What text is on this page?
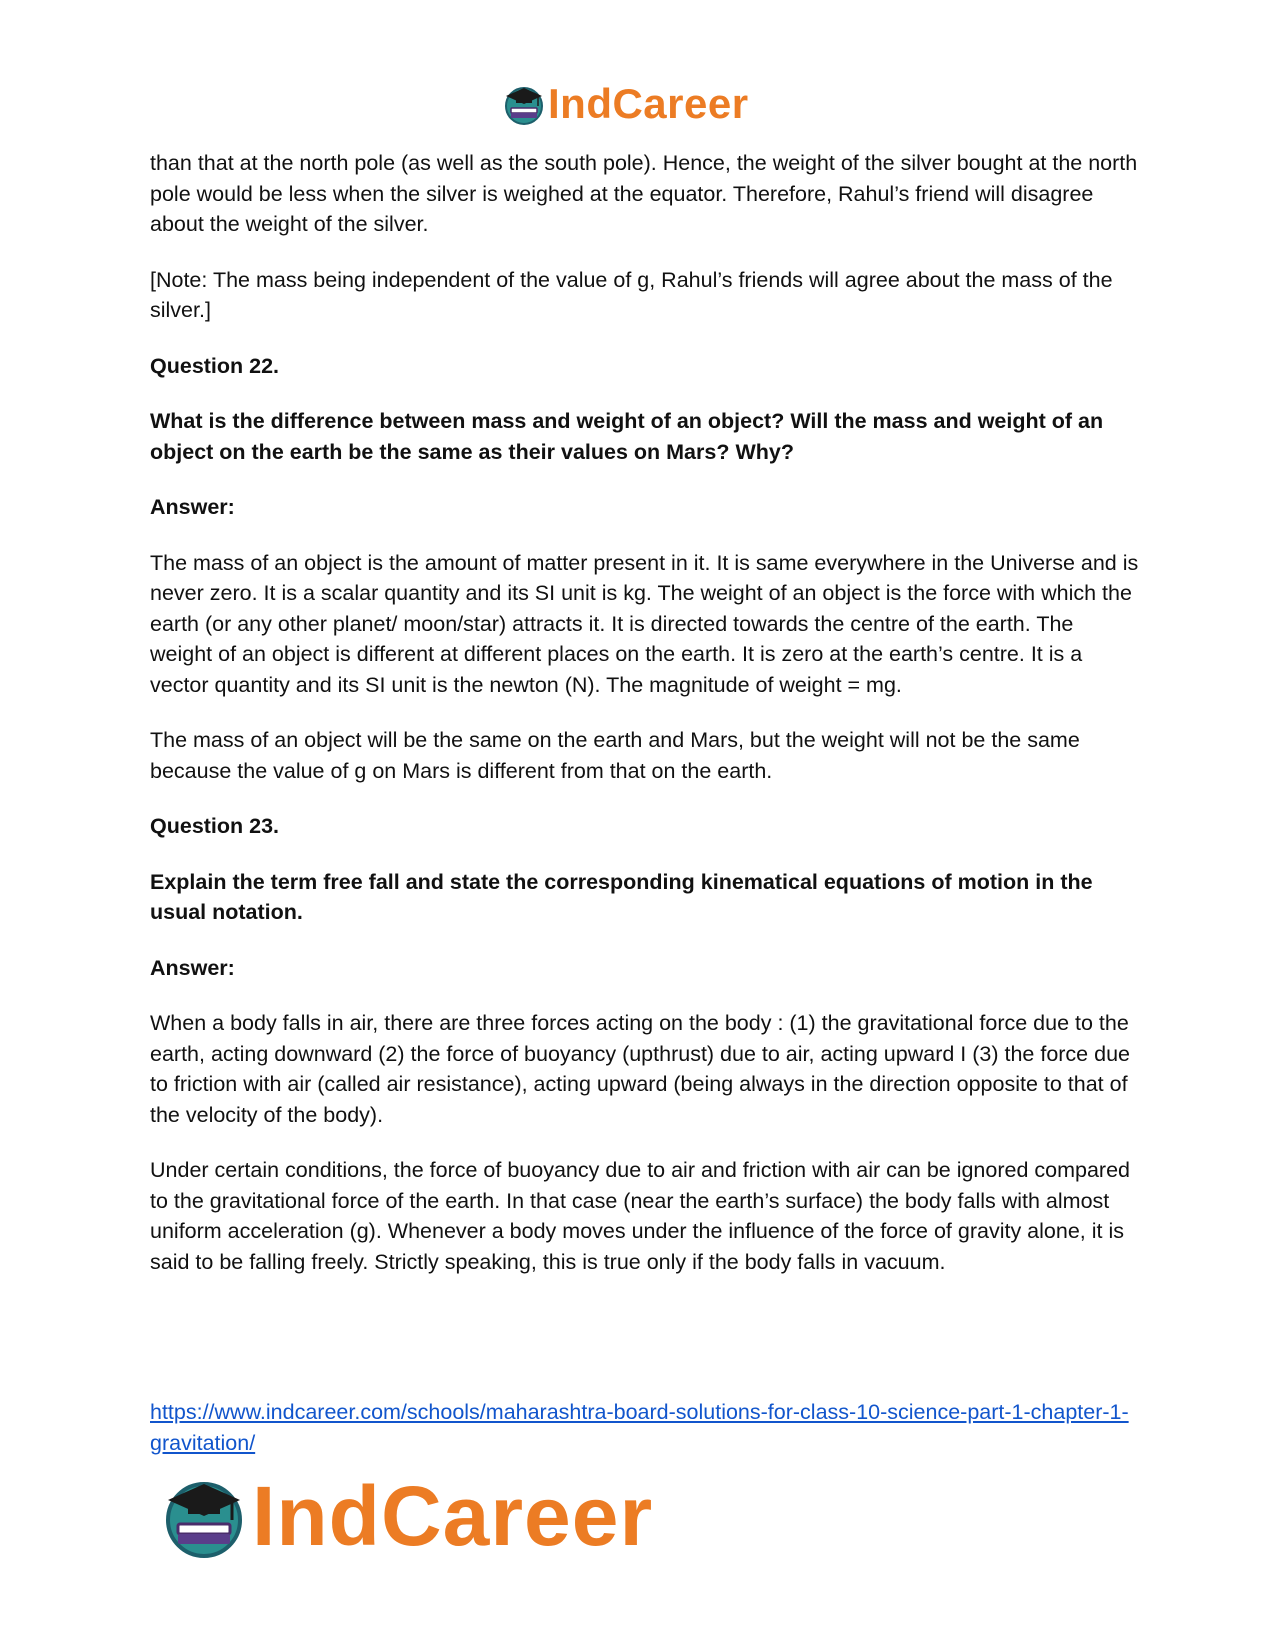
IndCareer

than that at the north pole (as well as the south pole). Hence, the weight of the silver bought at the north pole would be less when the silver is weighed at the equator. Therefore, Rahul’s friend will disagree about the weight of the silver.

[Note: The mass being independent of the value of g, Rahul’s friends will agree about the mass of the silver.]

Question 22.

What is the difference between mass and weight of an object? Will the mass and weight of an object on the earth be the same as their values on Mars? Why?

Answer:

The mass of an object is the amount of matter present in it. It is same everywhere in the Universe and is never zero. It is a scalar quantity and its SI unit is kg. The weight of an object is the force with which the earth (or any other planet/ moon/star) attracts it. It is directed towards the centre of the earth. The weight of an object is different at different places on the earth. It is zero at the earth’s centre. It is a vector quantity and its SI unit is the newton (N). The magnitude of weight = mg.

The mass of an object will be the same on the earth and Mars, but the weight will not be the same because the value of g on Mars is different from that on the earth.

Question 23.

Explain the term free fall and state the corresponding kinematical equations of motion in the usual notation.

Answer:

When a body falls in air, there are three forces acting on the body : (1) the gravitational force due to the earth, acting downward (2) the force of buoyancy (upthrust) due to air, acting upward I (3) the force due to friction with air (called air resistance), acting upward (being always in the direction opposite to that of the velocity of the body).

Under certain conditions, the force of buoyancy due to air and friction with air can be ignored compared to the gravitational force of the earth. In that case (near the earth’s surface) the body falls with almost uniform acceleration (g). Whenever a body moves under the influence of the force of gravity alone, it is said to be falling freely. Strictly speaking, this is true only if the body falls in vacuum.

https://www.indcareer.com/schools/maharashtra-board-solutions-for-class-10-science-part-1-chapter-1-gravitation/
IndCareer
